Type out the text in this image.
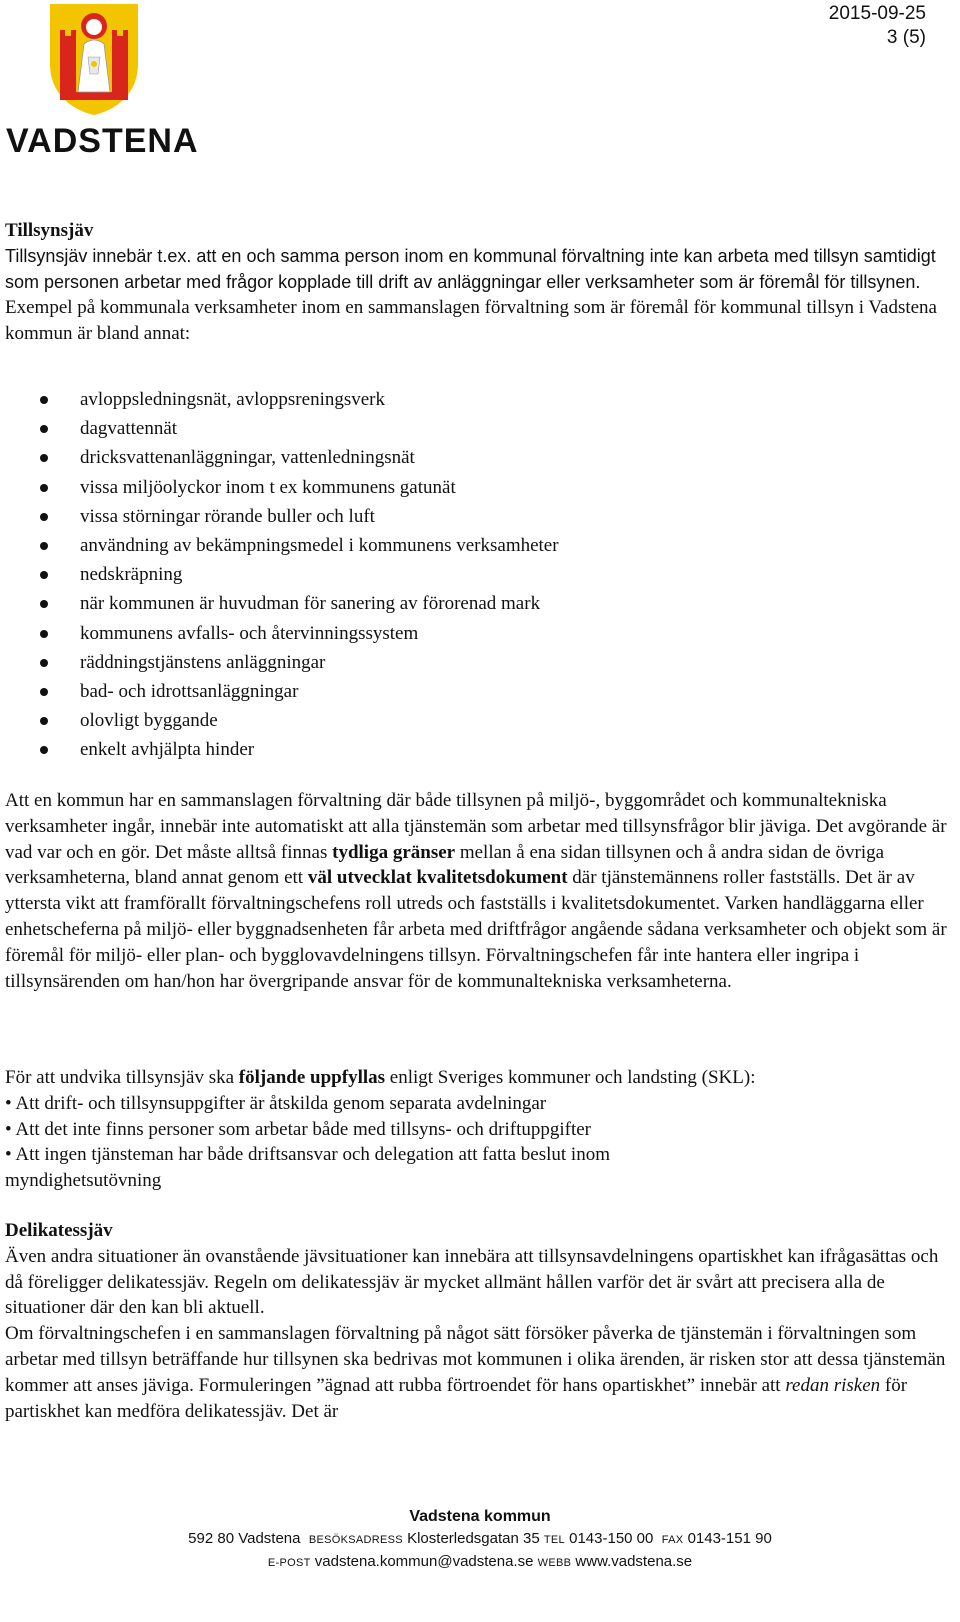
VADSTENA
2015-09-25
3 (5)

Tillsynsjäv

Tillsynsjäv innebär t.ex. att en och samma person inom en kommunal förvaltning inte kan arbeta med tillsyn samtidigt som personen arbetar med frågor kopplade till drift av anläggningar eller verksamheter som är föremål för tillsynen. Exempel på kommunala verksamheter inom en sammanslagen förvaltning som är föremål för kommunal tillsyn i Vadstena kommun är bland annat:

avloppsledningsnät, avloppsreningsverk
dagvattennät
dricksvattenanläggningar, vattenledningsnät
vissa miljöolyckor inom t ex kommunens gatunät
vissa störningar rörande buller och luft
användning av bekämpningsmedel i kommunens verksamheter
nedskräpning
när kommunen är huvudman för sanering av förorenad mark
kommunens avfalls- och återvinningssystem
räddningstjänstens anläggningar
bad- och idrottsanläggningar
olovligt byggande
enkelt avhjälpta hinder

Att en kommun har en sammanslagen förvaltning där både tillsynen på miljö-, byggområdet och kommunaltekniska verksamheter ingår, innebär inte automatiskt att alla tjänstemän som arbetar med tillsynsfrågor blir jäviga. Det avgörande är vad var och en gör. Det måste alltså finnas tydliga gränser mellan å ena sidan tillsynen och å andra sidan de övriga verksamheterna, bland annat genom ett väl utvecklat kvalitetsdokument där tjänstemännens roller fastställs. Det är av yttersta vikt att framförallt förvaltningschefens roll utreds och fastställs i kvalitetsdokumentet. Varken handläggarna eller enhetscheferna på miljö- eller byggnadsenheten får arbeta med driftfrågor angående sådana verksamheter och objekt som är föremål för miljö- eller plan- och bygglovavdelningens tillsyn. Förvaltningschefen får inte hantera eller ingripa i tillsynsärenden om han/hon har övergripande ansvar för de kommunaltekniska verksamheterna.

För att undvika tillsynsjäv ska följande uppfyllas enligt Sveriges kommuner och landsting (SKL):

• Att drift- och tillsynsuppgifter är åtskilda genom separata avdelningar

• Att det inte finns personer som arbetar både med tillsyns- och driftuppgifter

• Att ingen tjänsteman har både driftsansvar och delegation att fatta beslut inom myndighetsutövning

Delikatessjäv

Även andra situationer än ovanstående jävsituationer kan innebära att tillsynsavdelningens opartiskhet kan ifrågasättas och då föreligger delikatessjäv. Regeln om delikatessjäv är mycket allmänt hållen varför det är svårt att precisera alla de situationer där den kan bli aktuell.

Om förvaltningschefen i en sammanslagen förvaltning på något sätt försöker påverka de tjänstemän i förvaltningen som arbetar med tillsyn beträffande hur tillsynen ska bedrivas mot kommunen i olika ärenden, är risken stor att dessa tjänstemän kommer att anses jäviga. Formuleringen ”ägnad att rubba förtroendet för hans opartiskhet” innebär att redan risken för partiskhet kan medföra delikatessjäv. Det är

Vadstena kommun
592 80 Vadstena BESÖKSADRESS Klosterledsgatan 35 TEL 0143-150 00 FAX 0143-151 90
E-POST vadstena.kommun@vadstena.se WEBB www.vadstena.se
